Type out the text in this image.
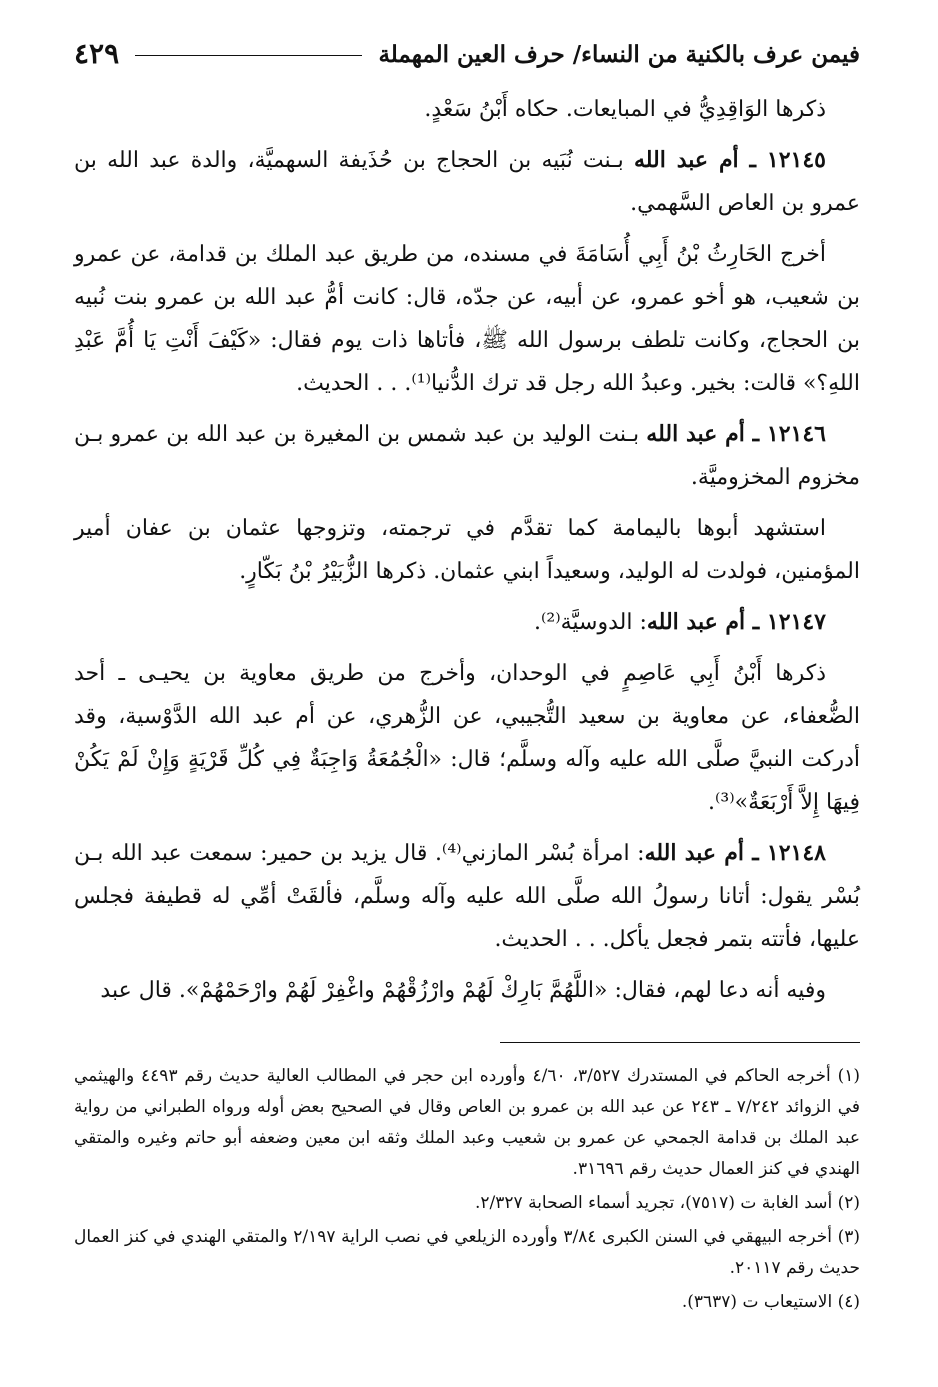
فيمن عرف بالكنية من النساء/ حرف العين المهملة
٤٢٩

ذكرها الوَاقِدِيُّ في المبايعات. حكاه أَبْنُ سَعْدٍ.

١٢١٤٥ ـ أم عبد الله بـنت نُبَيه بن الحجاج بن حُذَيفة السهميَّة، والدة عبد الله بن عمرو بن العاص السَّهمي.

أخرج الحَارِثُ بْنُ أَبِي أُسَامَةَ في مسنده، من طريق عبد الملك بن قدامة، عن عمرو بن شعيب، هو أخو عمرو، عن أبيه، عن جدّه، قال: كانت أمُّ عبد الله بن عمرو بنت نُبيه بن الحجاج، وكانت تلطف برسول الله ﷺ، فأتاها ذات يوم فقال: «كَيْفَ أَنْتِ يَا أُمَّ عَبْدِ اللهِ؟» قالت: بخير. وعبدُ الله رجل قد ترك الدُّنيا⁽¹⁾. . . الحديث.

١٢١٤٦ ـ أم عبد الله بـنت الوليد بن عبد شمس بن المغيرة بن عبد الله بن عمرو بـن مخزوم المخزوميَّة.

استشهد أبوها باليمامة كما تقدَّم في ترجمته، وتزوجها عثمان بن عفان أمير المؤمنين، فولدت له الوليد، وسعيداً ابني عثمان. ذكرها الزُّبَيْرُ بْنُ بَكّارٍ.

١٢١٤٧ ـ أم عبد الله: الدوسيَّة⁽²⁾.

ذكرها أَبْنُ أَبِي عَاصِمٍ في الوحدان، وأخرج من طريق معاوية بن يحيـى ـ أحد الضُّعفاء، عن معاوية بن سعيد التُّجيبي، عن الزُّهري، عن أم عبد الله الدَّوْسية، وقد أدركت النبيَّ صلَّى الله عليه وآله وسلَّم؛ قال: «الْجُمُعَةُ وَاجِبَةٌ فِي كُلِّ قَرْيَةٍ وَإِنْ لَمْ يَكُنْ فِيهَا إِلاَّ أَرْبَعَةٌ»⁽³⁾.

١٢١٤٨ ـ أم عبد الله: امرأة بُسْر المازني⁽⁴⁾. قال يزيد بن حمير: سمعت عبد الله بـن بُسْر يقول: أتانا رسولُ الله صلَّى الله عليه وآله وسلَّم، فألقَتْ أمِّي له قطيفة فجلس عليها، فأتته بتمر فجعل يأكل. . . الحديث.

وفيه أنه دعا لهم، فقال: «اللَّهُمَّ بَارِكْ لَهُمْ وارْزُقْهُمْ واغْفِرْ لَهُمْ وارْحَمْهُمْ». قال عبد

(١) أخرجه الحاكم في المستدرك ٣/٥٢٧، ٤/٦٠ وأورده ابن حجر في المطالب العالية حديث رقم ٤٤٩٣ والهيثمي في الزوائد ٧/٢٤٢ ـ ٢٤٣ عن عبد الله بن عمرو بن العاص وقال في الصحيح بعض أوله ورواه الطبراني من رواية عبد الملك بن قدامة الجمحي عن عمرو بن شعيب وعبد الملك وثقه ابن معين وضعفه أبو حاتم وغيره والمتقي الهندي في كنز العمال حديث رقم ٣١٦٩٦.
(٢) أسد الغابة ت (٧٥١٧)، تجريد أسماء الصحابة ٢/٣٢٧.
(٣) أخرجه البيهقي في السنن الكبرى ٣/٨٤ وأورده الزيلعي في نصب الراية ٢/١٩٧ والمتقي الهندي في كنز العمال حديث رقم ٢٠١١٧.
(٤) الاستيعاب ت (٣٦٣٧).
